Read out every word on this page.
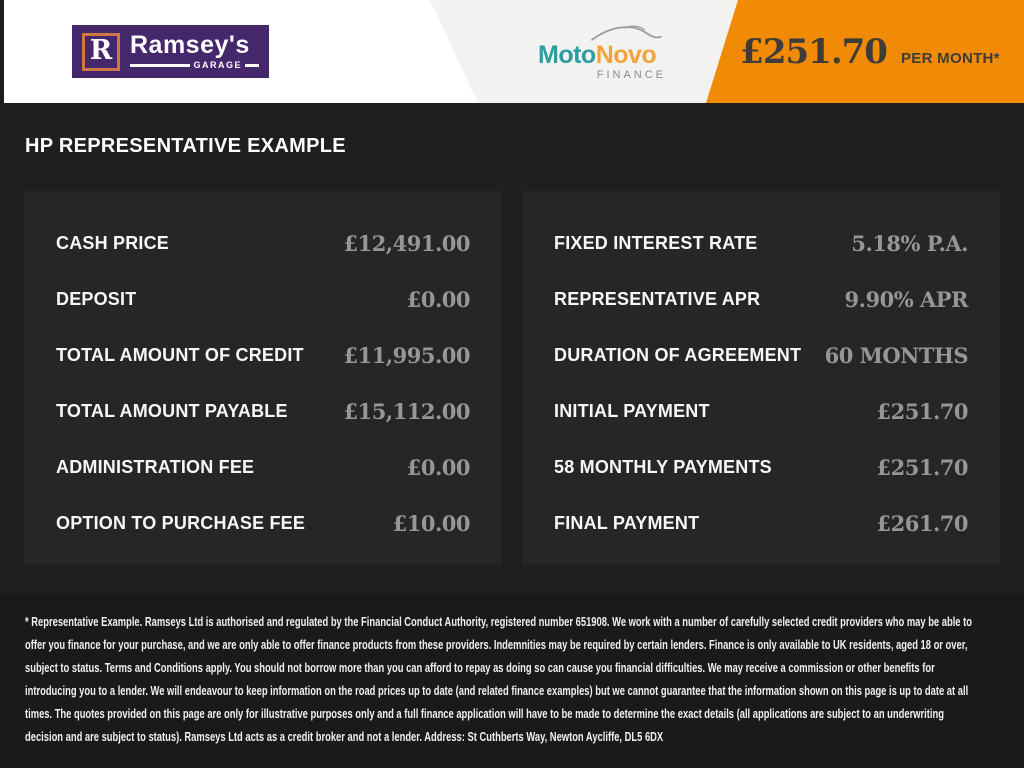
R Ramsey's
GARAGE	MotoNovo
FINANCE
£251.70 PER MONTH*
HP REPRESENTATIVE EXAMPLE
CASH PRICE	£12,491.00
DEPOSIT	£0.00
TOTAL AMOUNT OF CREDIT £11,995.00
TOTAL AMOUNT PAYABLE	£15,112.00
ADMINISTRATION FEE	£0.00
OPTION TO PURCHASE FEE	£10.00
FIXED INTEREST RATE	5.18% P.A.
REPRESENTATIVE APR	9.90% APR
DURATION OF AGREEMENT 60 MONTHS
INITIAL PAYMENT	£251.70
58 MONTHLY PAYMENTS	£251.70
FINAL PAYMENT	£261.70
* Representative Example. Ramseys Ltd is authorised and regulated by the Financial Conduct Authority, registered number 651908. We work with a number of carefully selected credit providers who may be able to offer you finance for your purchase, and we are only able to offer finance products from these providers. Indemnities may be required by certain lenders. Finance is only available to UK residents, aged 18 or over, subject to status. Terms and Conditions apply. You should not borrow more than you can afford to repay as doing so can cause you financial difficulties. We may receive a commission or other benefits for introducing you to a lender. We will endeavour to keep information on the road prices up to date (and related finance examples) but we cannot guarantee that the information shown on this page is up to date at all times. The quotes provided on this page are only for illustrative purposes only and a full finance application will have to be made to determine the exact details (all applications are subject to an underwriting decision and are subject to status). Ramseys Ltd acts as a credit broker and not a lender. Address: St Cuthberts Way, Newton Aycliffe, DL5 6DX
